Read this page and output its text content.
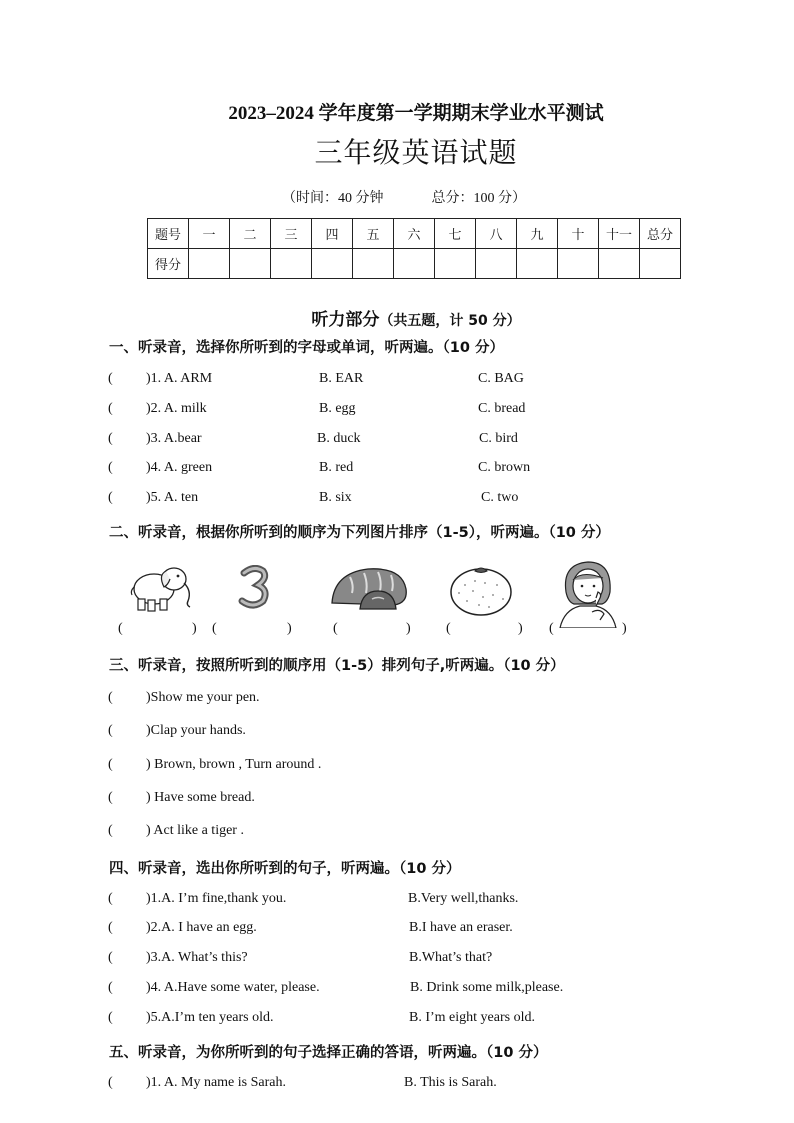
2023–2024 学年度第一学期期末学业水平测试
三年级英语试题
（时间：40 分钟	总分：100 分）
题号	一	二	三	四	五	六	七	八	九	十	十一	总分
得分												
听力部分（共五题，计 50 分）
一、听录音，选择你所听到的字母或单词，听两遍。（10 分）
( )1. A. ARM	B. EAR	C. BAG
( )2. A. milk	B. egg	C. bread
( )3. A.bear	B. duck	C. bird
( )4. A. green	B. red	C. brown
( )5. A. ten	B. six	C. two
二、听录音，根据你所听到的顺序为下列图片排序（1-5），听两遍。（10 分）
(	) (	)	(	)	(	) (	)
三、听录音，按照所听到的顺序用（1-5）排列句子,听两遍。（10 分）
( )Show me your pen.
( )Clap your hands.
( ) Brown, brown , Turn around .
( ) Have some bread.
( ) Act like a tiger .
四、听录音，选出你所听到的句子，听两遍。（10 分）
( )1.A. I’m fine,thank you.	B.Very well,thanks.
( )2.A. I have an egg.	B.I have an eraser.
( )3.A. What’s this?	B.What’s that?
( )4. A.Have some water, please.	B. Drink some milk,please.
( )5.A.I’m ten years old.	B. I’m eight years old.
五、听录音，为你所听到的句子选择正确的答语，听两遍。（10 分）
( )1. A. My name is Sarah.	B. This is Sarah.
